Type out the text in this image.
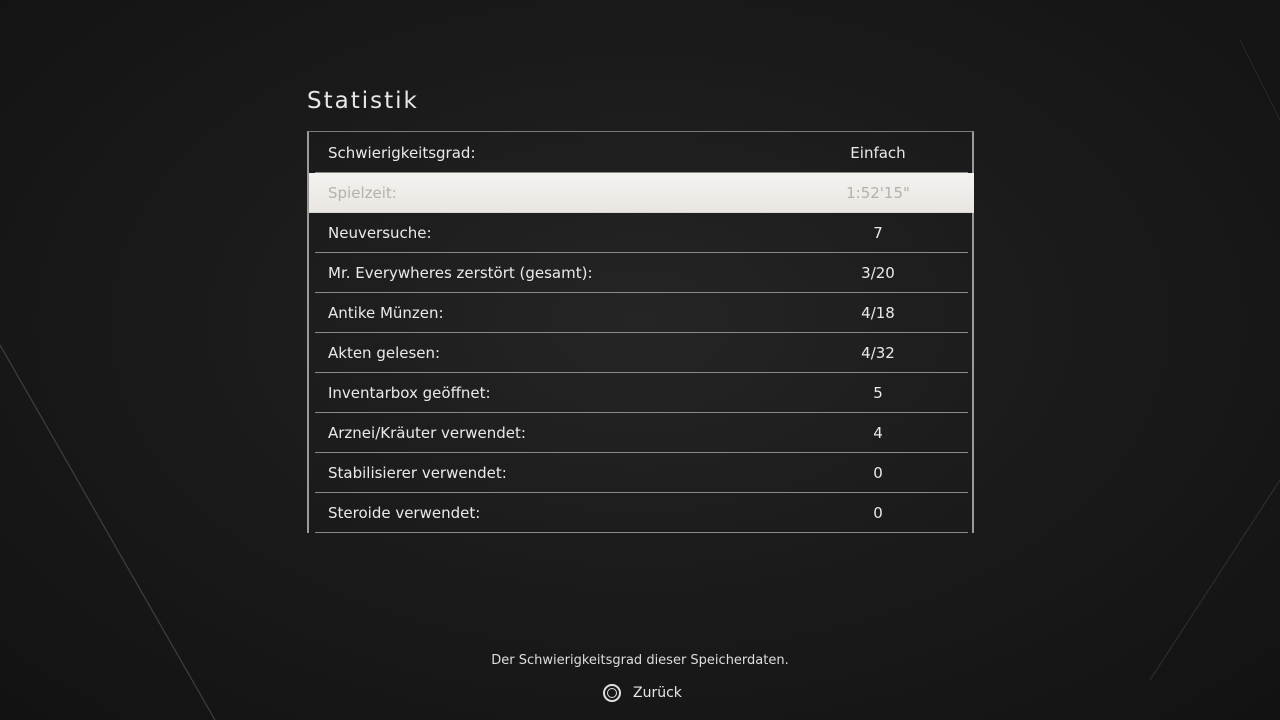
Statistik
Schwierigkeitsgrad:	Einfach
Spielzeit:	1:52'15"
Neuversuche:	7
Mr. Everywheres zerstört (gesamt):	3/20
Antike Münzen:	4/18
Akten gelesen:	4/32
Inventarbox geöffnet:	5
Arznei/Kräuter verwendet:	4
Stabilisierer verwendet:	0
Steroide verwendet:	0
Der Schwierigkeitsgrad dieser Speicherdaten.
Zurück
